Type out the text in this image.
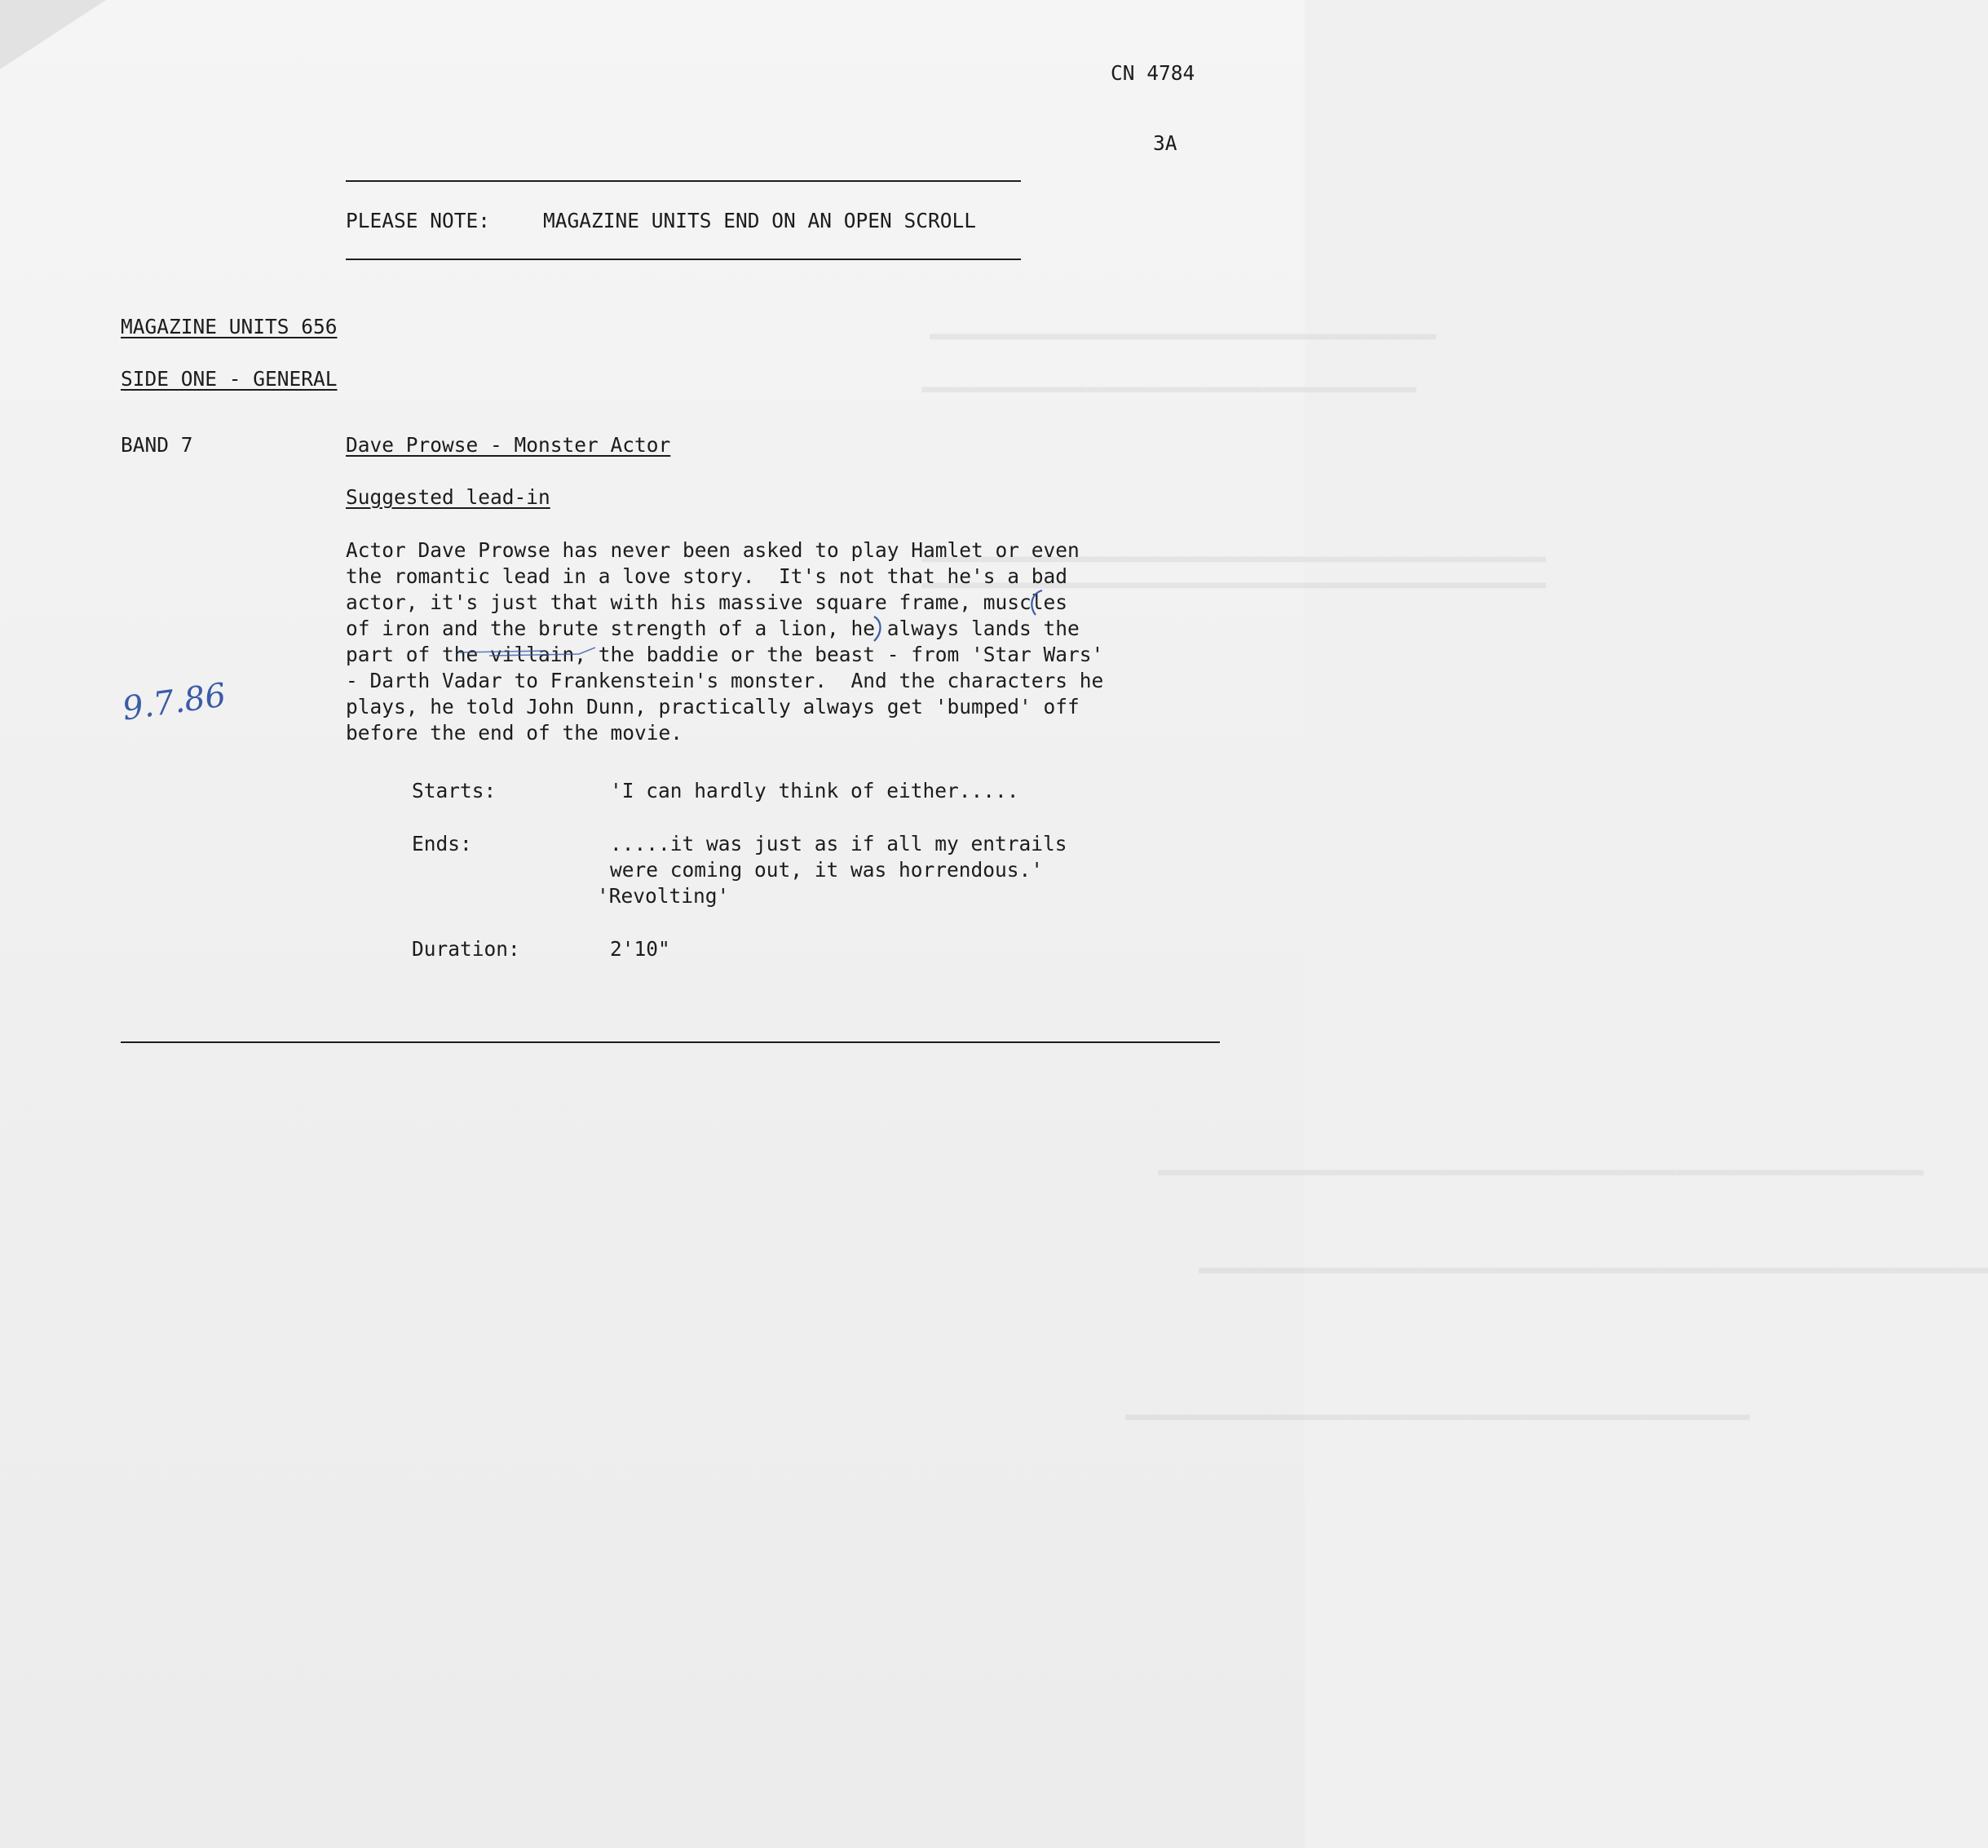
▬▬▬▬▬▬▬▬▬▬▬▬▬▬▬▬▬▬▬▬▬▬▬▬▬▬▬▬▬▬▬▬▬▬▬▬▬▬▬▬▬▬▬
▬▬▬▬▬▬▬▬▬▬▬▬▬▬▬▬▬▬▬▬▬▬▬▬▬▬▬▬▬▬▬▬▬▬▬▬▬▬▬▬▬▬
▬▬▬▬▬▬▬▬▬▬▬▬▬▬▬▬▬▬▬▬▬▬▬▬▬▬▬▬▬▬▬▬▬▬▬▬▬▬▬▬▬▬▬▬▬▬▬▬▬▬▬▬▬
▬▬▬▬▬▬▬▬▬▬▬▬▬▬▬▬▬▬▬▬▬▬▬▬▬▬▬▬▬▬▬▬▬▬▬▬▬▬▬▬▬▬▬▬▬▬▬▬▬▬▬▬▬
▬▬▬▬▬▬▬▬▬▬▬▬▬▬▬▬▬▬▬▬▬▬▬▬▬▬▬▬▬▬▬▬▬▬▬▬▬▬▬▬▬▬▬▬▬▬▬▬▬▬▬▬▬▬▬▬▬▬▬▬▬▬▬▬▬
▬▬▬▬▬▬▬▬▬▬▬▬▬▬▬▬▬▬▬▬▬▬▬▬▬▬▬▬▬▬▬▬▬▬▬▬▬▬▬▬▬▬▬▬▬▬▬▬▬▬▬▬▬▬▬▬▬▬▬▬▬▬▬▬▬▬▬
▬▬▬▬▬▬▬▬▬▬▬▬▬▬▬▬▬▬▬▬▬▬▬▬▬▬▬▬▬▬▬▬▬▬▬▬▬▬▬▬▬▬▬▬▬▬▬▬▬▬▬▬▬
CN 4784
3A
PLEASE NOTE:	MAGAZINE UNITS END ON AN OPEN SCROLL
MAGAZINE UNITS 656
SIDE ONE - GENERAL
BAND 7	Dave Prowse - Monster Actor
Suggested lead-in
Actor Dave Prowse has never been asked to play Hamlet or even
the romantic lead in a love story.  It's not that he's a bad
actor, it's just that with his massive square frame, muscles
of iron and the brute strength of a lion, he always lands the
part of the villain, the baddie or the beast - from 'Star Wars'
- Darth Vadar to Frankenstein's monster.  And the characters he
plays, he told John Dunn, practically always get 'bumped' off
before the end of the movie.
9.7.86
Starts:	'I can hardly think of either.....
Ends:	.....it was just as if all my entrails
were coming out, it was horrendous.'
'Revolting'
Duration:	2'10"
